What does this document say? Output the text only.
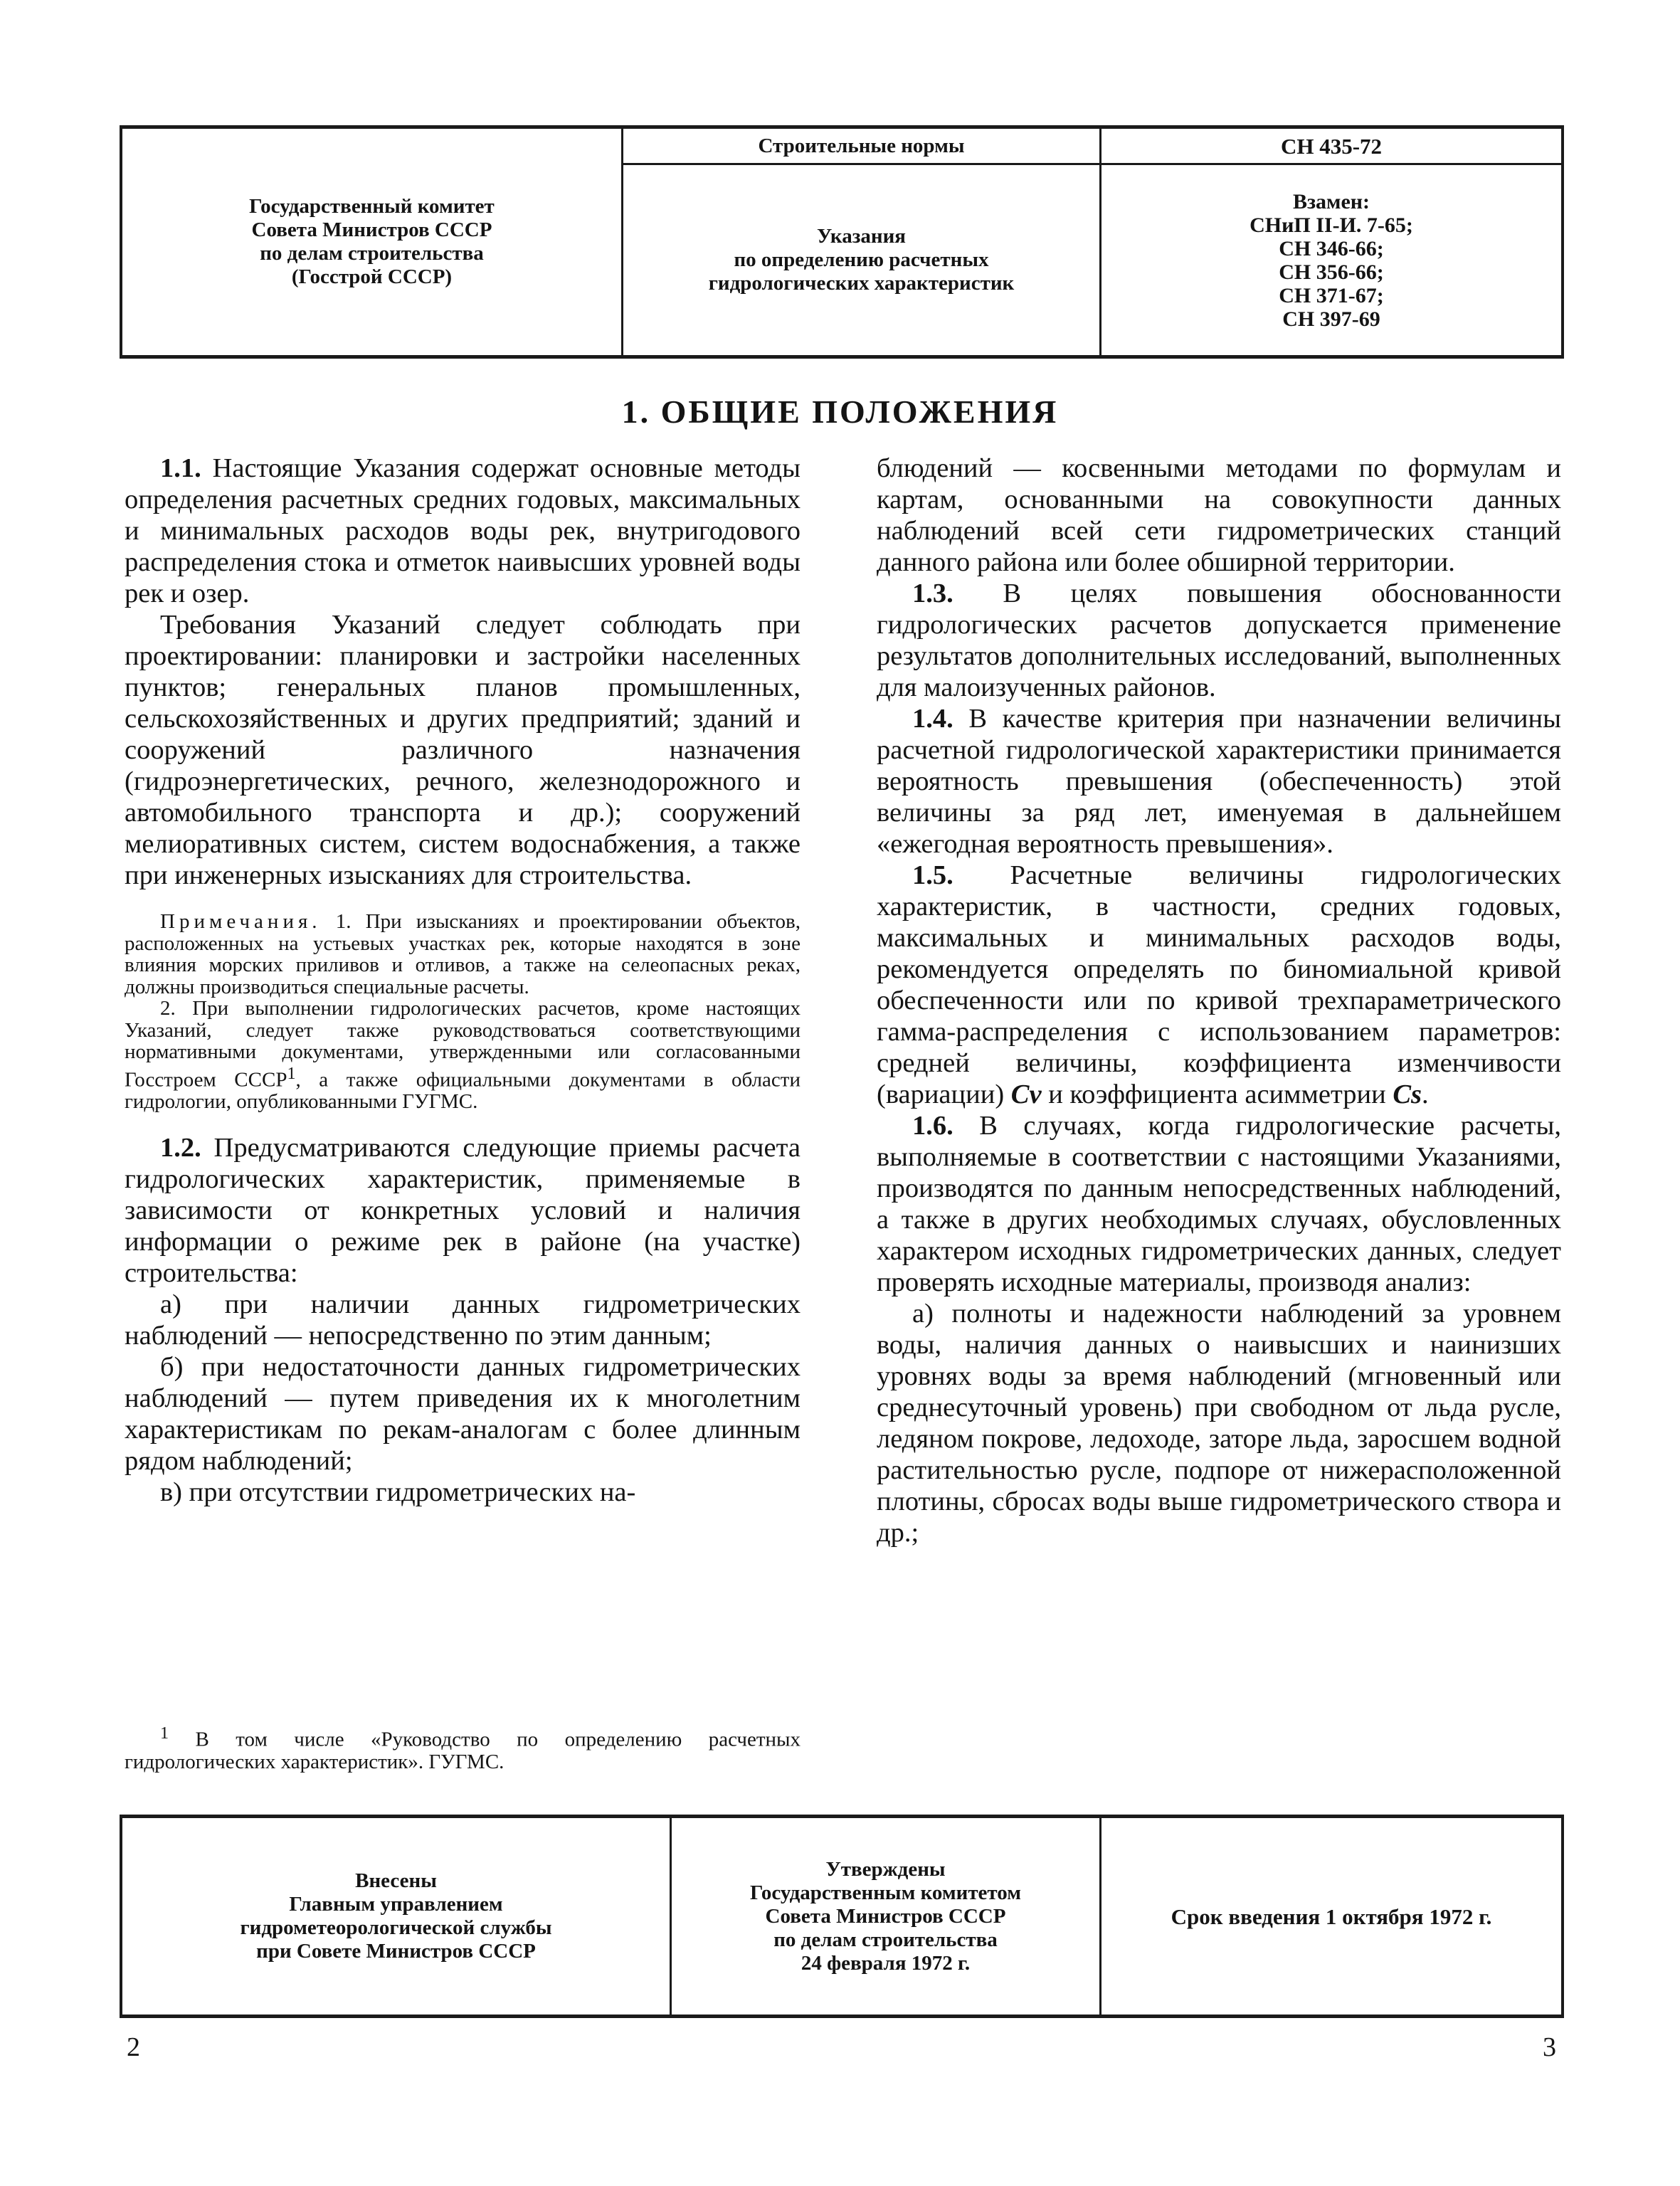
Государственный комитет
Совета Министров СССР
по делам строительства
(Госстрой СССР)
Строительные нормы
Указания
по определению расчетных
гидрологических характеристик
СН 435-72
Взамен:
СНиП II-И. 7-65;
СН 346-66;
СН 356-66;
СН 371-67;
СН 397-69
1. ОБЩИЕ ПОЛОЖЕНИЯ

1.1. Настоящие Указания содержат основные методы определения расчетных средних годовых, максимальных и минимальных расходов воды рек, внутригодового распределения стока и отметок наивысших уровней воды рек и озер.

Требования Указаний следует соблюдать при проектировании: планировки и застройки населенных пунктов; генеральных планов промышленных, сельскохозяйственных и других предприятий; зданий и сооружений различного назначения (гидроэнергетических, речного, железнодорожного и автомобильного транспорта и др.); сооружений мелиоративных систем, систем водоснабжения, а также при инженерных изысканиях для строительства.

Примечания. 1. При изысканиях и проектировании объектов, расположенных на устьевых участках рек, которые находятся в зоне влияния морских приливов и отливов, а также на селеопасных реках, должны производиться специальные расчеты.

2. При выполнении гидрологических расчетов, кроме настоящих Указаний, следует также руководствоваться соответствующими нормативными документами, утвержденными или согласованными Госстроем СССР$^1$, а также официальными документами в области гидрологии, опубликованными ГУГМС.

1.2. Предусматриваются следующие приемы расчета гидрологических характеристик, применяемые в зависимости от конкретных условий и наличия информации о режиме рек в районе (на участке) строительства:

а) при наличии данных гидрометрических наблюдений — непосредственно по этим данным;

б) при недостаточности данных гидрометрических наблюдений — путем приведения их к многолетним характеристикам по рекам-аналогам с более длинным рядом наблюдений;

в) при отсутствии гидрометрических на-

$^1$ В том числе «Руководство по определению расчетных гидрологических характеристик». ГУГМС.

блюдений — косвенными методами по формулам и картам, основанными на совокупности данных наблюдений всей сети гидрометрических станций данного района или более обширной территории.

1.3. В целях повышения обоснованности гидрологических расчетов допускается применение результатов дополнительных исследований, выполненных для малоизученных районов.

1.4. В качестве критерия при назначении величины расчетной гидрологической характеристики принимается вероятность превышения (обеспеченность) этой величины за ряд лет, именуемая в дальнейшем «ежегодная вероятность превышения».

1.5. Расчетные величины гидрологических характеристик, в частности, средних годовых, максимальных и минимальных расходов воды, рекомендуется определять по биномиальной кривой обеспеченности или по кривой трехпараметрического гамма-распределения с использованием параметров: средней величины, коэффициента изменчивости (вариации) Cv и коэффициента асимметрии Cs.

1.6. В случаях, когда гидрологические расчеты, выполняемые в соответствии с настоящими Указаниями, производятся по данным непосредственных наблюдений, а также в других необходимых случаях, обусловленных характером исходных гидрометрических данных, следует проверять исходные материалы, производя анализ:

а) полноты и надежности наблюдений за уровнем воды, наличия данных о наивысших и наинизших уровнях воды за время наблюдений (мгновенный или среднесуточный уровень) при свободном от льда русле, ледяном покрове, ледоходе, заторе льда, заросшем водной растительностью русле, подпоре от нижерасположенной плотины, сбросах воды выше гидрометрического створа и др.;

Внесены
Главным управлением
гидрометеорологической службы
при Совете Министров СССР
Утверждены
Государственным комитетом
Совета Министров СССР
по делам строительства
24 февраля 1972 г.
Срок введения 1 октября 1972 г.
2	3
